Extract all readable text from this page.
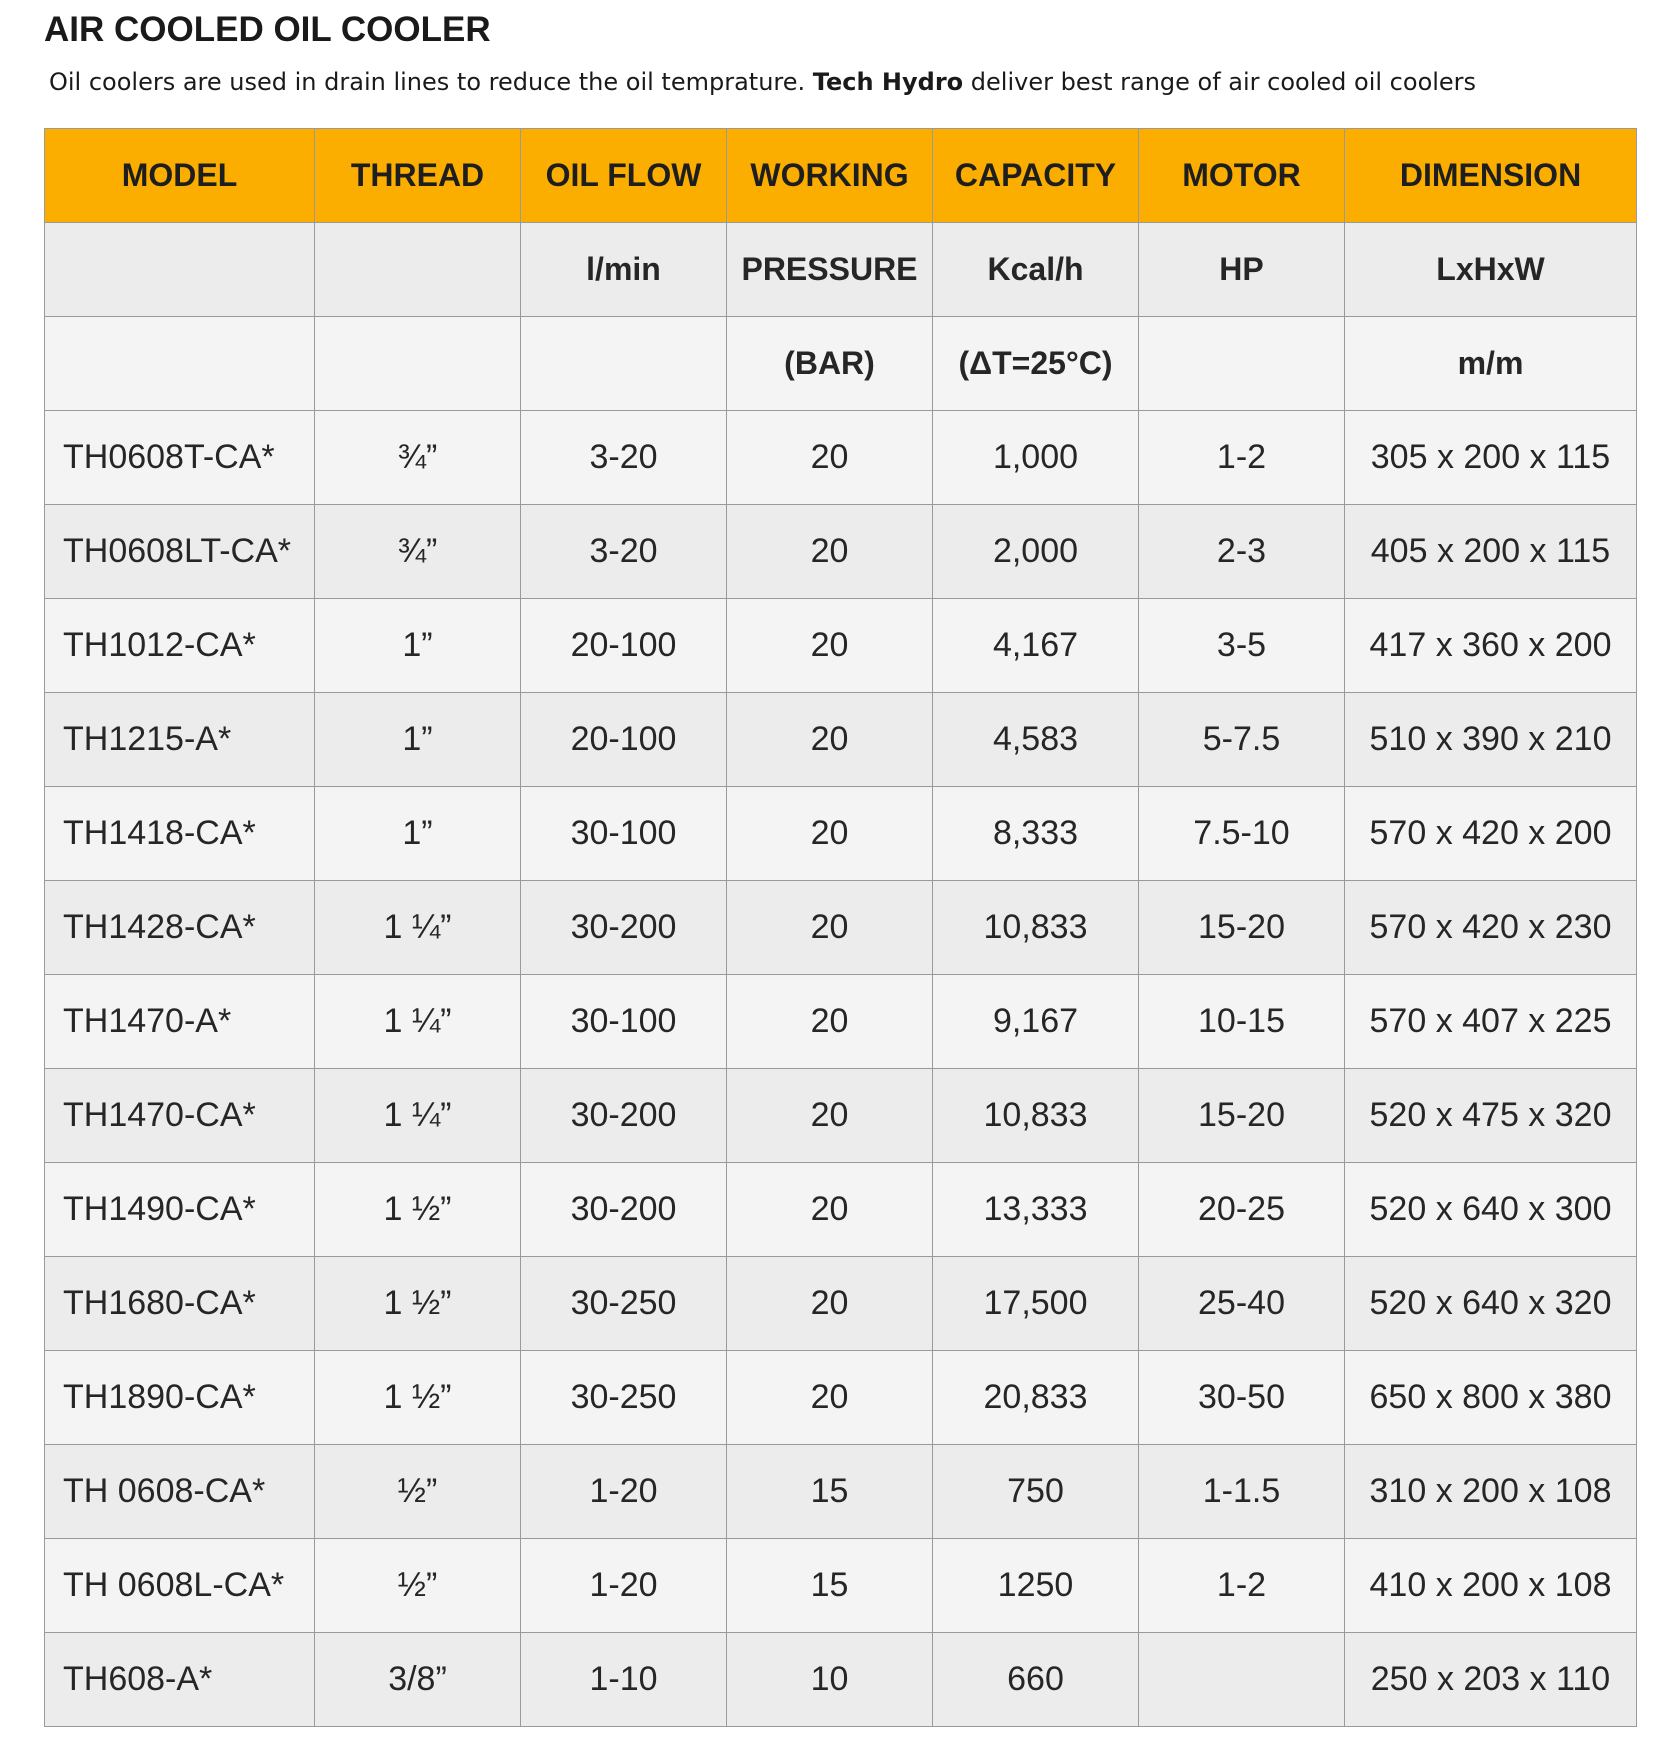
AIR COOLED OIL COOLER
Oil coolers are used in drain lines to reduce the oil temprature. Tech Hydro deliver best range of air cooled oil coolers
MODEL	THREAD	OIL FLOW	WORKING	CAPACITY	MOTOR	DIMENSION
		l/min	PRESSURE	Kcal/h	HP	LxHxW
			(BAR)	(ΔT=25°C)		m/m
TH0608T-CA*	¾”	3-20	20	1,000	1-2	305 x 200 x 115
TH0608LT-CA*	¾”	3-20	20	2,000	2-3	405 x 200 x 115
TH1012-CA*	1”	20-100	20	4,167	3-5	417 x 360 x 200
TH1215-A*	1”	20-100	20	4,583	5-7.5	510 x 390 x 210
TH1418-CA*	1”	30-100	20	8,333	7.5-10	570 x 420 x 200
TH1428-CA*	1 ¼”	30-200	20	10,833	15-20	570 x 420 x 230
TH1470-A*	1 ¼”	30-100	20	9,167	10-15	570 x 407 x 225
TH1470-CA*	1 ¼”	30-200	20	10,833	15-20	520 x 475 x 320
TH1490-CA*	1 ½”	30-200	20	13,333	20-25	520 x 640 x 300
TH1680-CA*	1 ½”	30-250	20	17,500	25-40	520 x 640 x 320
TH1890-CA*	1 ½”	30-250	20	20,833	30-50	650 x 800 x 380
TH 0608-CA*	½”	1-20	15	750	1-1.5	310 x 200 x 108
TH 0608L-CA*	½”	1-20	15	1250	1-2	410 x 200 x 108
TH608-A*	3/8”	1-10	10	660		250 x 203 x 110
